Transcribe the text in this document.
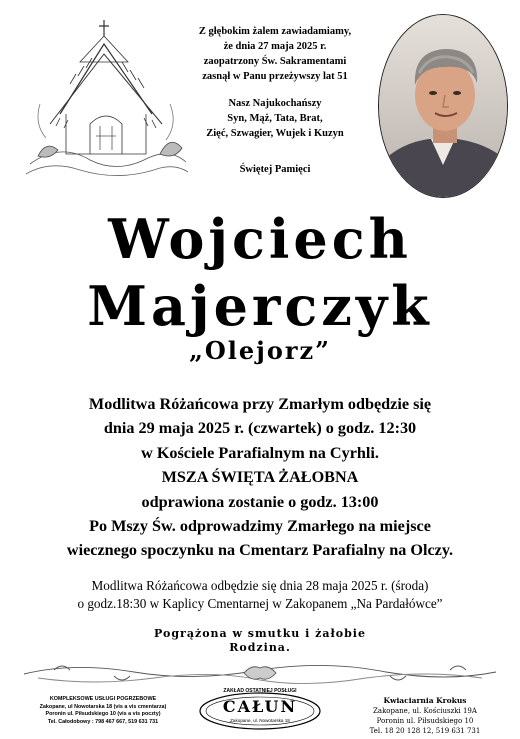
Z głębokim żalem zawiadamiamy,

że dnia 27 maja 2025 r.

zaopatrzony Św. Sakramentami

zasnął w Panu przeżywszy lat 51

Nasz Najukochańszy

Syn, Mąż, Tata, Brat,

Zięć, Szwagier, Wujek i Kuzyn

Świętej Pamięci
Wojciech
Majerczyk
„Olejorz”

Modlitwa Różańcowa przy Zmarłym odbędzie się

dnia 29 maja 2025 r. (czwartek) o godz. 12:30

w Kościele Parafialnym na Cyrhli.

MSZA ŚWIĘTA ŻAŁOBNA

odprawiona zostanie o godz. 13:00

Po Mszy Św. odprowadzimy Zmarłego na miejsce

wiecznego spoczynku na Cmentarz Parafialny na Olczy.

Modlitwa Różańcowa odbędzie się dnia 28 maja 2025 r. (środa)

o godz.18:30 w Kaplicy Cmentarnej w Zakopanem „Na Pardałówce”

Pogrążona w smutku i żałobie

Rodzina.

KOMPLEKSOWE USŁUGI POGRZEBOWE

Zakopane, ul Nowotarska 18 (vis a vis cmentarza)

Poronin ul. Piłsudskiego 10 (vis a vis poczty)

Tel. Całodobowy : 798 467 667, 519 631 731

ZAKŁAD OSTATNIEJ POSŁUGI
CAŁUN
Zakopane, ul. Nowotarska 18

Kwiaciarnia Krokus

Zakopane, ul. Kościuszki 19A

Poronin ul. Piłsudskiego 10

Tel. 18 20 128 12, 519 631 731
